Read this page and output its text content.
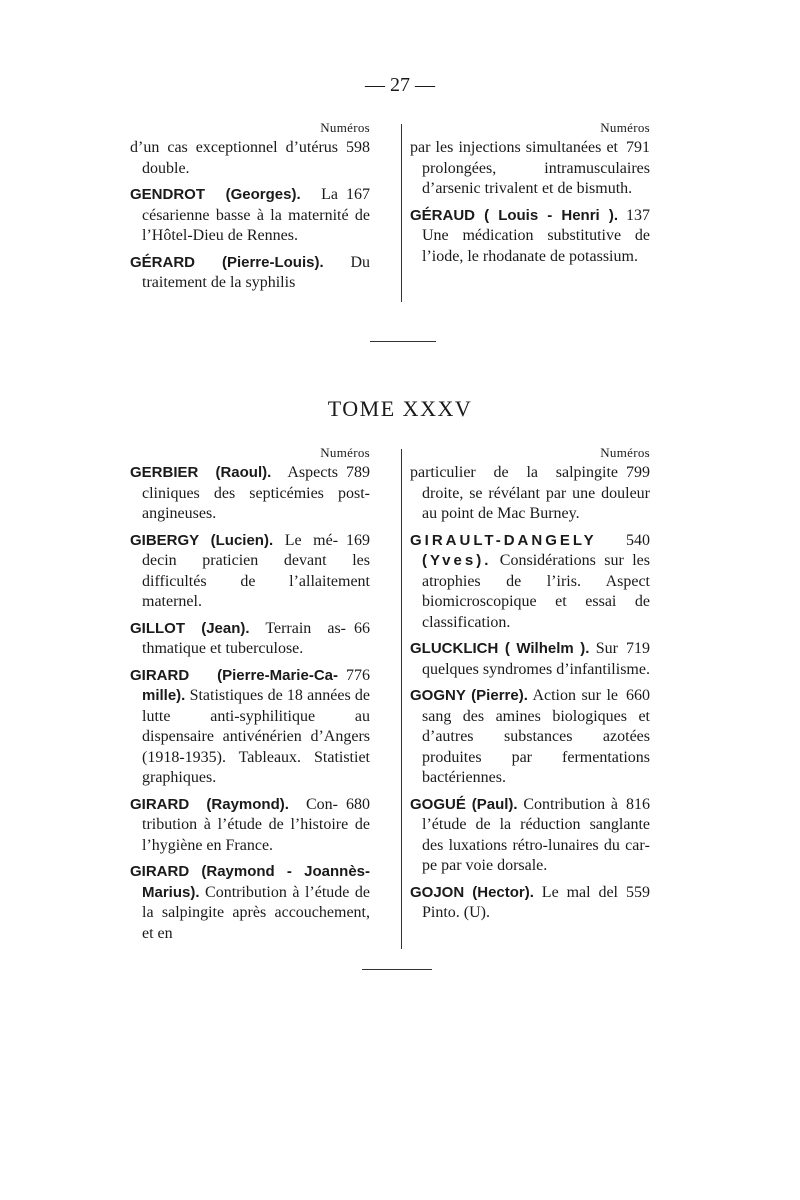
— 27 —
Numéros
598
d’un cas exceptionnel d’utérus double.
167
GENDROT (Georges). La césarienne basse à la maternité de l’Hôtel-Dieu de Rennes.
GÉRARD (Pierre-Louis). Du traitement de la syphilis
Numéros
791
par les injections simultanées et prolongées, intramusculaires d’arsenic trivalent et de bismuth.
137
GÉRAUD ( Louis - Henri ). Une médication substitutive de l’iode, le rhodanate de potassium.
TOME XXXV
Numéros
789
GERBIER (Raoul). Aspects cliniques des septicémies post-angineuses.
169
GIBERGY (Lucien). Le médecin praticien devant les difficultés de l’allaitement maternel.
66
GILLOT (Jean). Terrain asthmatique et tuberculose.
776
GIRARD (Pierre-Marie-Camille). Statistiques de 18 années de lutte anti-syphilitique au dispensaire antivénérien d’Angers (1918-1935). Tableaux. Statistiet graphiques.
680
GIRARD (Raymond). Contribution à l’étude de l’histoire de l’hygiène en France.
GIRARD (Raymond - Joannès-Marius). Contribution à l’étude de la salpingite après accouchement, et en
Numéros
799
particulier de la salpingite droite, se révélant par une douleur au point de Mac Burney.
540
GIRAULT-DANGELY (Yves). Considérations sur les atrophies de l’iris. Aspect biomicroscopique et essai de classification.
719
GLUCKLICH ( Wilhelm ). Sur quelques syndromes d’infantilisme.
660
GOGNY (Pierre). Action sur le sang des amines biologiques et d’autres substances azotées produites par fermentations bactériennes.
816
GOGUÉ (Paul). Contribution à l’étude de la réduction sanglante des luxations rétro-lunaires du carpe par voie dorsale.
559
GOJON (Hector). Le mal del Pinto. (U).
